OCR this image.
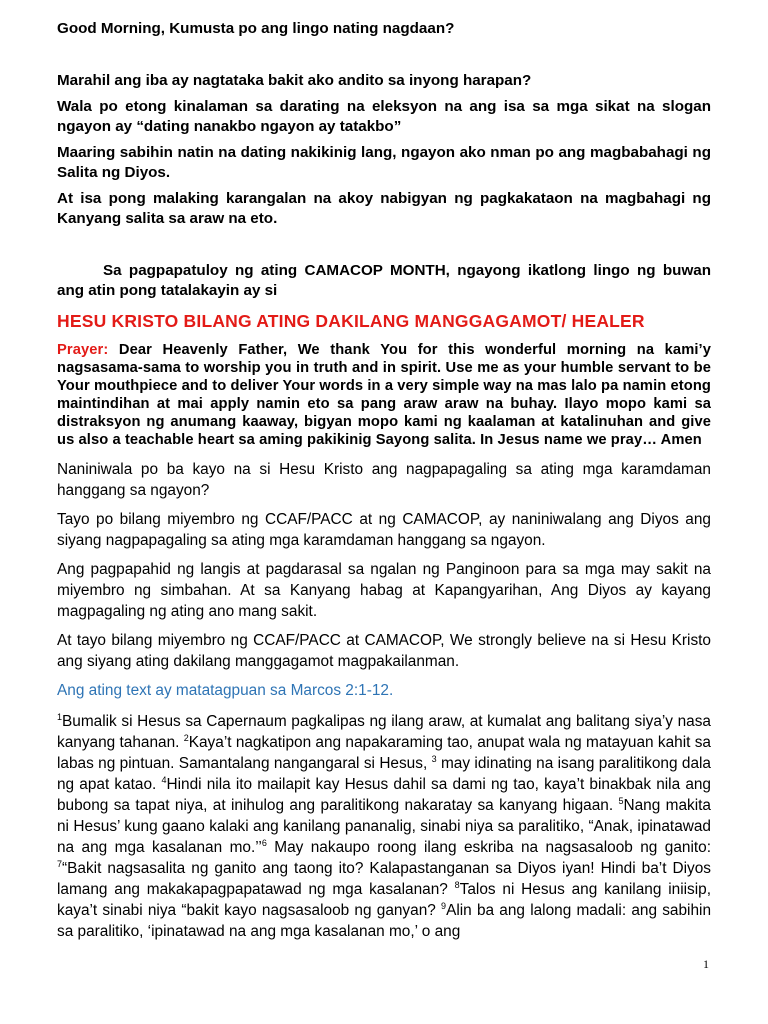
Good Morning, Kumusta po ang lingo nating nagdaan?

Marahil ang iba ay nagtataka bakit ako andito sa inyong harapan?

Wala po etong kinalaman sa darating na eleksyon na ang isa sa mga sikat na slogan ngayon ay “dating nanakbo ngayon ay tatakbo”

Maaring sabihin natin na dating nakikinig lang, ngayon ako nman po ang magbabahagi ng Salita ng Diyos.

At isa pong malaking karangalan na akoy nabigyan ng pagkakataon na magbahagi ng Kanyang salita sa araw na eto.

Sa pagpapatuloy ng ating CAMACOP MONTH, ngayong ikatlong lingo ng buwan ang atin pong tatalakayin ay si

HESU KRISTO BILANG ATING DAKILANG MANGGAGAMOT/ HEALER

Prayer: Dear Heavenly Father, We thank You for this wonderful morning na kami’y nagsasama-sama to worship you in truth and in spirit. Use me as your humble servant to be Your mouthpiece and to deliver Your words in a very simple way na mas lalo pa namin etong maintindihan at mai apply namin eto sa pang araw araw na buhay. Ilayo mopo kami sa distraksyon ng anumang kaaway, bigyan mopo kami ng kaalaman at katalinuhan and give us also a teachable heart sa aming pakikinig Sayong salita. In Jesus name we pray… Amen

Naniniwala po ba kayo na si Hesu Kristo ang nagpapagaling sa ating mga karamdaman hanggang sa ngayon?

Tayo po bilang miyembro ng CCAF/PACC at ng CAMACOP, ay naniniwalang ang Diyos ang siyang nagpapagaling sa ating mga karamdaman hanggang sa ngayon.

Ang pagpapahid ng langis at pagdarasal sa ngalan ng Panginoon para sa mga may sakit na miyembro ng simbahan. At sa Kanyang habag at Kapangyarihan, Ang Diyos ay kayang magpagaling ng ating ano mang sakit.

At tayo bilang miyembro ng CCAF/PACC at CAMACOP, We strongly believe na si Hesu Kristo ang siyang ating dakilang manggagamot magpakailanman.

Ang ating text ay matatagpuan sa Marcos 2:1-12.

$^1$Bumalik si Hesus sa Capernaum pagkalipas ng ilang araw, at kumalat ang balitang siya’y nasa kanyang tahanan. $^2$Kaya’t nagkatipon ang napakaraming tao, anupat wala ng matayuan kahit sa labas ng pintuan. Samantalang nangangaral si Hesus, $^3$ may idinating na isang paralitikong dala ng apat katao. $^4$Hindi nila ito mailapit kay Hesus dahil sa dami ng tao, kaya’t binakbak nila ang bubong sa tapat niya, at inihulog ang paralitikong nakaratay sa kanyang higaan. $^5$Nang makita ni Hesus’ kung gaano kalaki ang kanilang pananalig, sinabi niya sa paralitiko, “Anak, ipinatawad na ang mga kasalanan mo.’’$^6$ May nakaupo roong ilang eskriba na nagsasaloob ng ganito: $^7$“Bakit nagsasalita ng ganito ang taong ito? Kalapastanganan sa Diyos iyan! Hindi ba’t Diyos lamang ang makakapagpapatawad ng mga kasalanan? $^8$Talos ni Hesus ang kanilang iniisip, kaya’t sinabi niya “bakit kayo nagsasaloob ng ganyan? $^9$Alin ba ang lalong madali: ang sabihin sa paralitiko, ‘ipinatawad na ang mga kasalanan mo,’ o ang

1
